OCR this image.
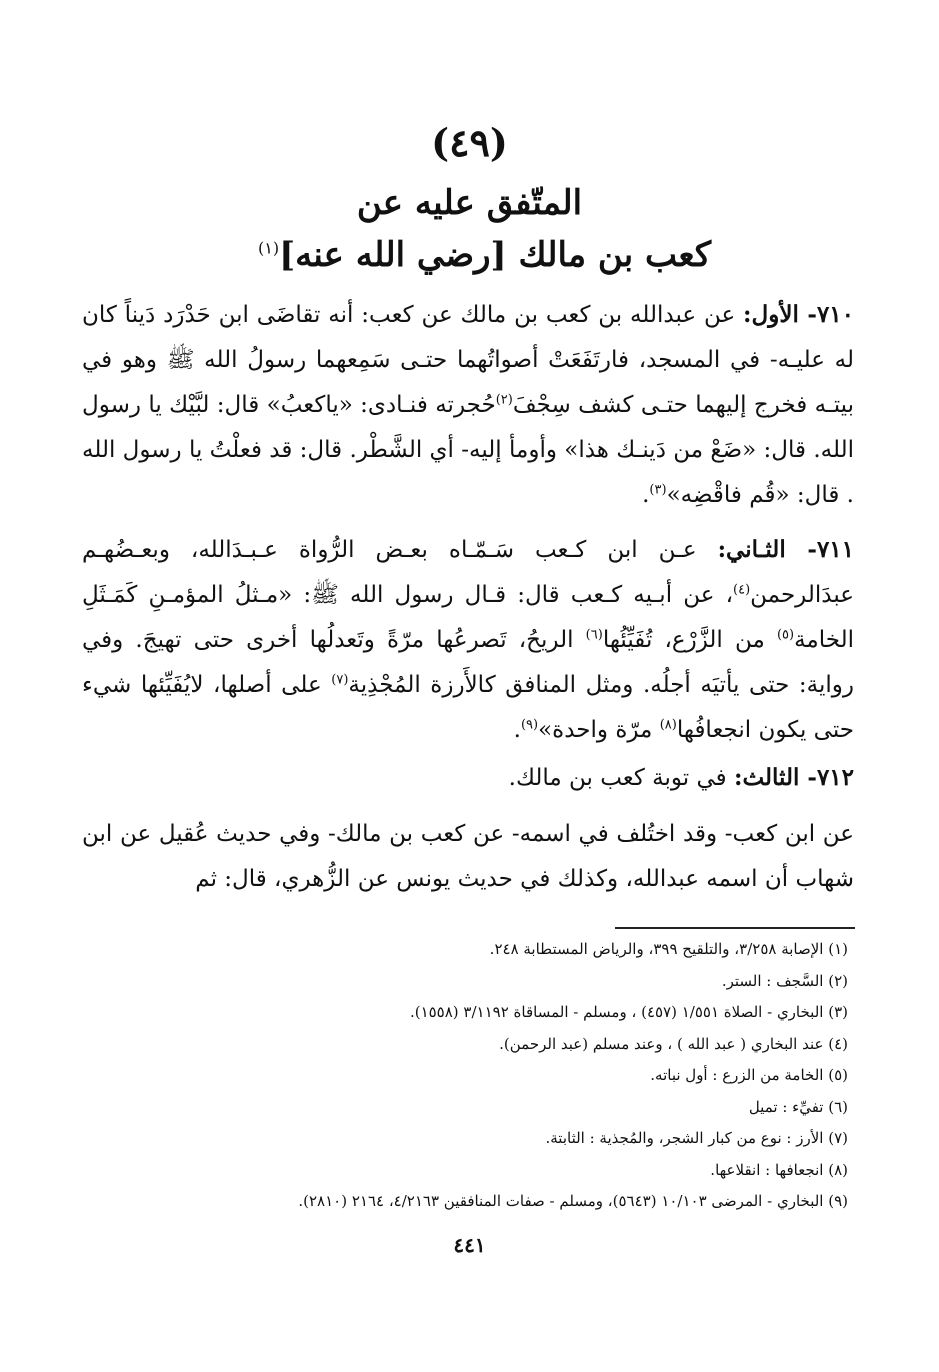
(٤٩)
المتّفق عليه عن
كعب بن مالك [رضي الله عنه]$^{(١)}$
٧١٠- الأول: عن عبدالله بن كعب بن مالك عن كعب: أنه تقاضَى ابن حَدْرَد دَيناً كان له عليـه- في المسجد، فارتَفَعَتْ أصواتُهما حتـى سَمِعهما رسولُ الله ﷺ وهو في بيتـه فخرج إليهما حتـى كشف سِجْفَ$^{(٢)}$حُجرته فنـادى: «ياكعبُ» قال: لبَّيْك يا رسول الله. قال: «ضَعْ من دَينـك هذا» وأومأ إليه- أي الشَّطْر. قال: قد فعلْتُ يا رسول الله . قال: «قُم فاقْضِه»$^{(٣)}$.
٧١١- الثـاني: عـن ابن كـعب سَـمّـاه بعـض الرُّواة عـبـدَالله، وبعـضُهـم عبدَالرحمن$^{(٤)}$، عن أبـيه كـعب قال: قـال رسول الله ﷺ: «مـثلُ المؤمـنِ كَمَـثَلِ الخامة$^{(٥)}$ من الزَّرْع، تُفَيِّئُها$^{(٦)}$ الريحُ، تَصرعُها مرّةً وتَعدلُها أخرى حتى تهيجَ. وفي رواية: حتى يأتيَه أجلُه. ومثل المنافق كالأَرزة المُجْذِية$^{(٧)}$ على أصلها، لايُفَيِّئها شيء حتى يكون انجعافُها$^{(٨)}$ مرّة واحدة»$^{(٩)}$.
٧١٢- الثالث: في توبة كعب بن مالك.
عن ابن كعب- وقد اختُلف في اسمه- عن كعب بن مالك- وفي حديث عُقيل عن ابن شهاب أن اسمه عبدالله، وكذلك في حديث يونس عن الزُّهري، قال: ثم
(١) الإصابة ٣/٢٥٨، والتلقيح ٣٩٩، والرياض المستطابة ٢٤٨.
(٢) السَّجف : الستر.
(٣) البخاري - الصلاة ١/٥٥١ (٤٥٧) ، ومسلم - المساقاة ٣/١١٩٢ (١٥٥٨).
(٤) عند البخاري ( عبد الله ) ، وعند مسلم (عبد الرحمن).
(٥) الخامة من الزرع : أول نباته.
(٦) تفيِّء : تميل
(٧) الأرز : نوع من كبار الشجر، والمُجذية : الثابتة.
(٨) انجعافها : انقلاعها.
(٩) البخاري - المرضى ١٠/١٠٣ (٥٦٤٣)، ومسلم - صفات المنافقين ٤/٢١٦٣، ٢١٦٤ (٢٨١٠).
٤٤١
